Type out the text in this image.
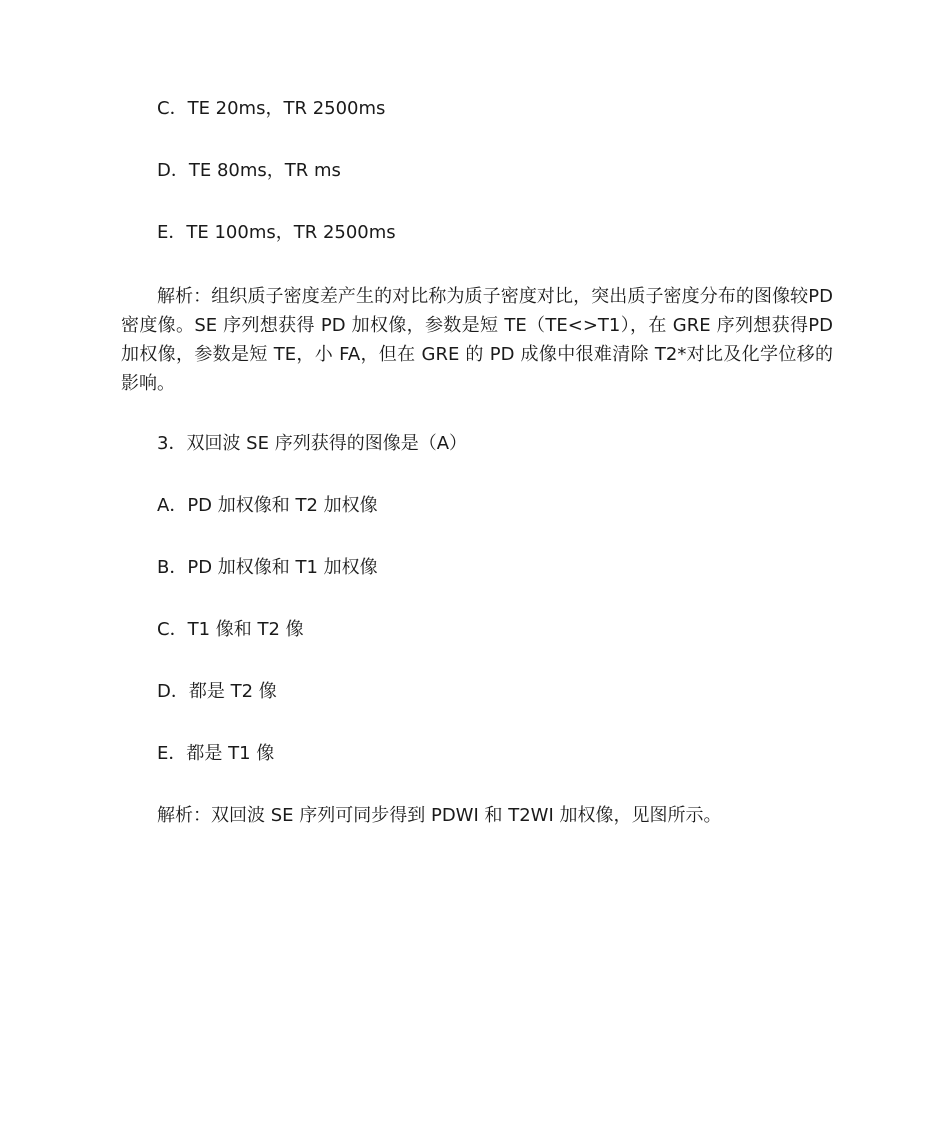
C．TE 20ms，TR 2500ms
D．TE 80ms，TR ms
E．TE 100ms，TR 2500ms
解析：组织质子密度差产生的对比称为质子密度对比，突出质子密度分布的图像较PD 密度像。SE 序列想获得 PD 加权像，参数是短 TE（TE<>T1），在 GRE 序列想获得PD 加权像，参数是短 TE，小 FA，但在 GRE 的 PD 成像中很难清除 T2*对比及化学位移的影响。
3．双回波 SE 序列获得的图像是（A）
A．PD 加权像和 T2 加权像
B．PD 加权像和 T1 加权像
C．T1 像和 T2 像
D．都是 T2 像
E．都是 T1 像
解析：双回波 SE 序列可同步得到 PDWI 和 T2WI 加权像，见图所示。
